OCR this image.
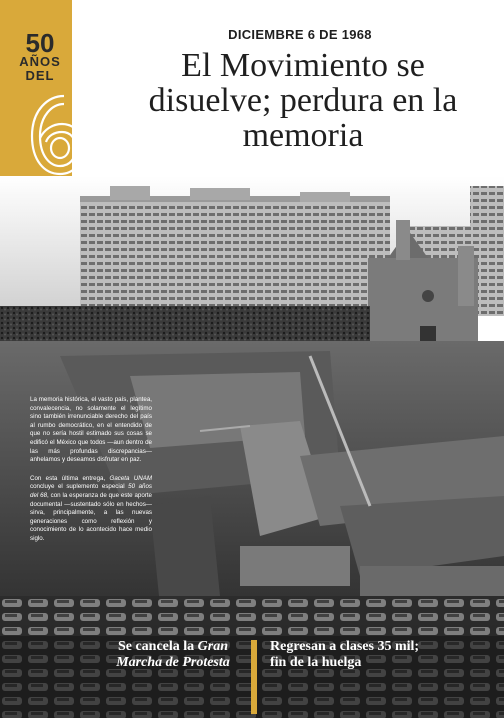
50
AÑOS
DEL
DICIEMBRE 6 DE 1968
El Movimiento se disuelve; perdura en la memoria

La memoria histórica, el vasto país, plantea, convalecencia, no solamente el legítimo sino también irrenunciable derecho del país al rumbo democrático, en el entendido de que no sería hostil estimado sus cosas se edificó el México que todos —aun dentro de las más profundas discrepancias— anhelamos y deseamos disfrutar en paz.

Con esta última entrega, Gaceta UNAM concluye el suplemento especial 50 años del 68, con la esperanza de que este aporte documental —sustentado sólo en hechos— sirva, principalmente, a las nuevas generaciones como reflexión y conocimiento de lo acontecido hace medio siglo.

Se cancela la Gran Marcha de Protesta
Regresan a clases 35 mil; fin de la huelga
